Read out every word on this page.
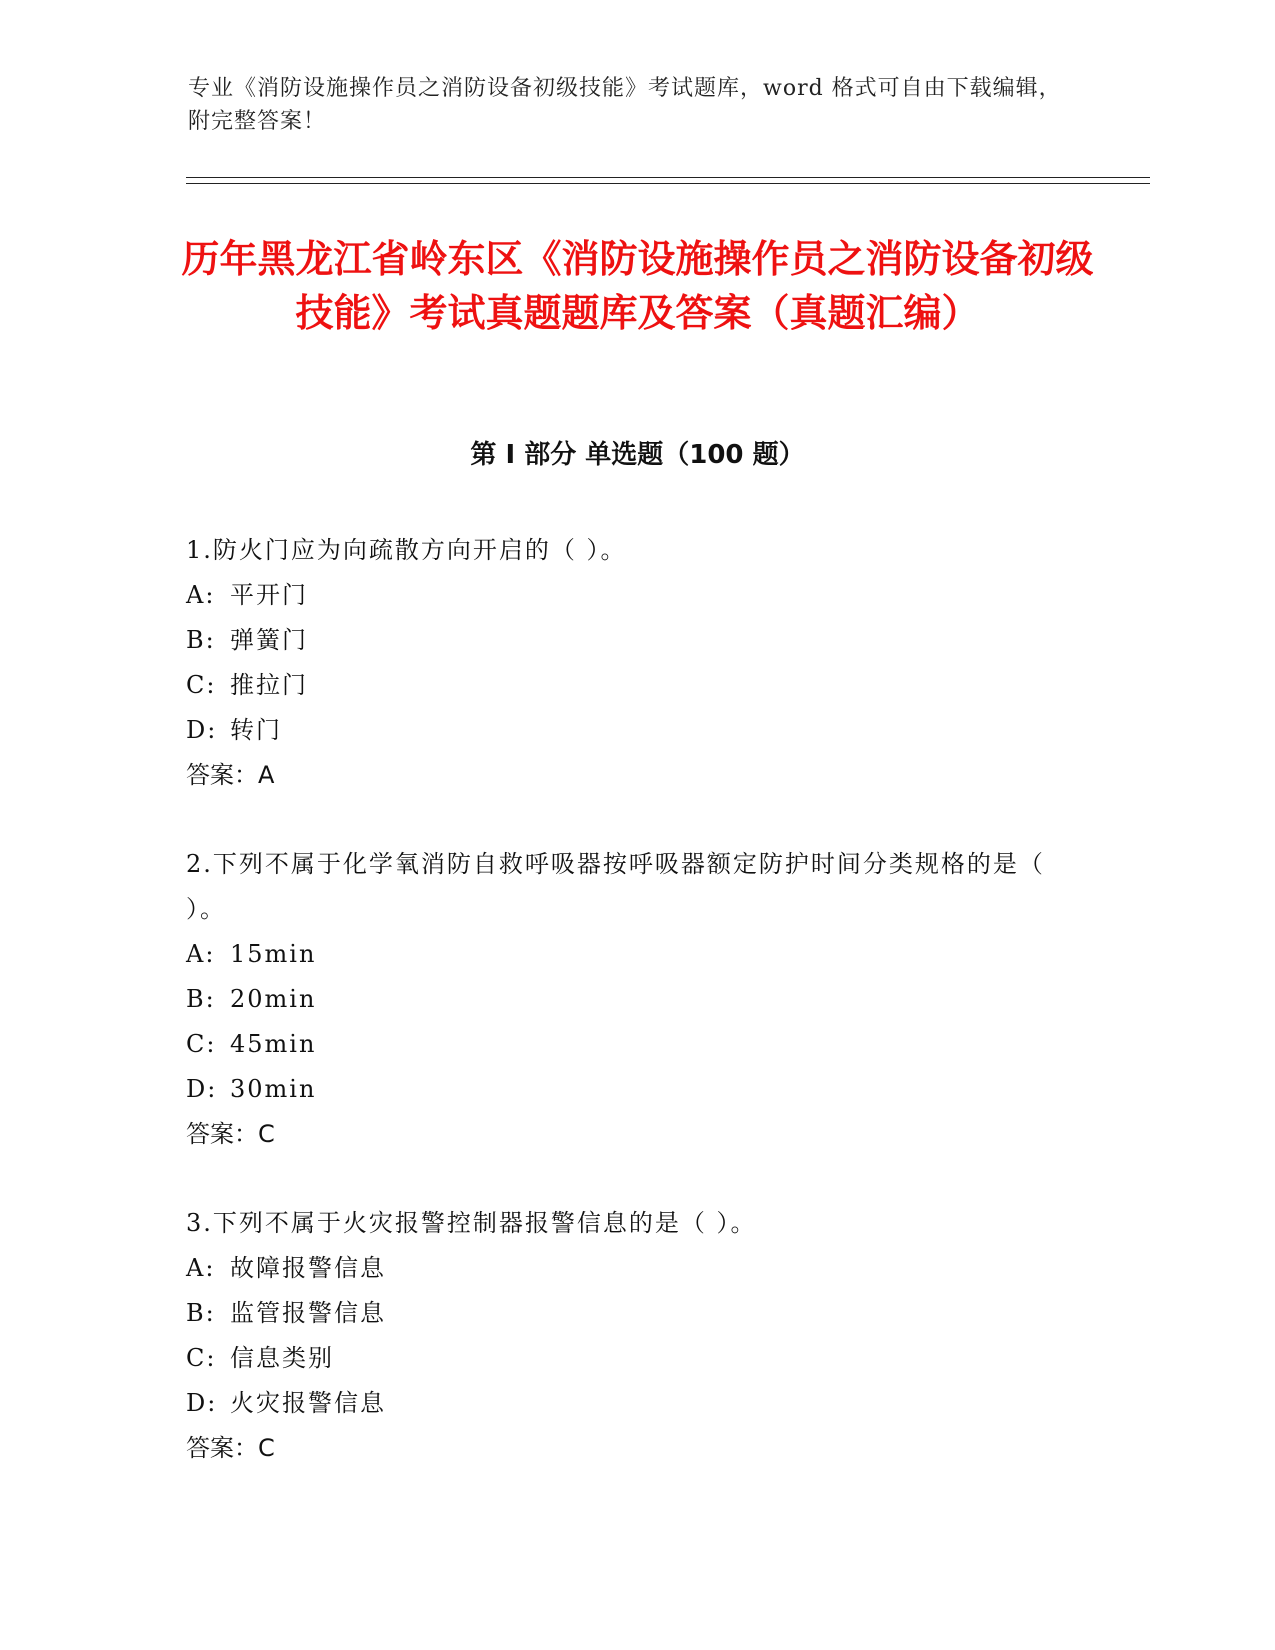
专业《消防设施操作员之消防设备初级技能》考试题库，word 格式可自由下载编辑，附完整答案！

历年黑龙江省岭东区《消防设施操作员之消防设备初级技能》考试真题题库及答案（真题汇编）
第 I 部分 单选题（100 题）

1.防火门应为向疏散方向开启的（ ）。

A: 平开门

B: 弹簧门

C: 推拉门

D: 转门

答案：A

2.下列不属于化学氧消防自救呼吸器按呼吸器额定防护时间分类规格的是（ ）。

A: 15min

B: 20min

C: 45min

D: 30min

答案：C

3.下列不属于火灾报警控制器报警信息的是（ ）。

A: 故障报警信息

B: 监管报警信息

C: 信息类别

D: 火灾报警信息

答案：C
